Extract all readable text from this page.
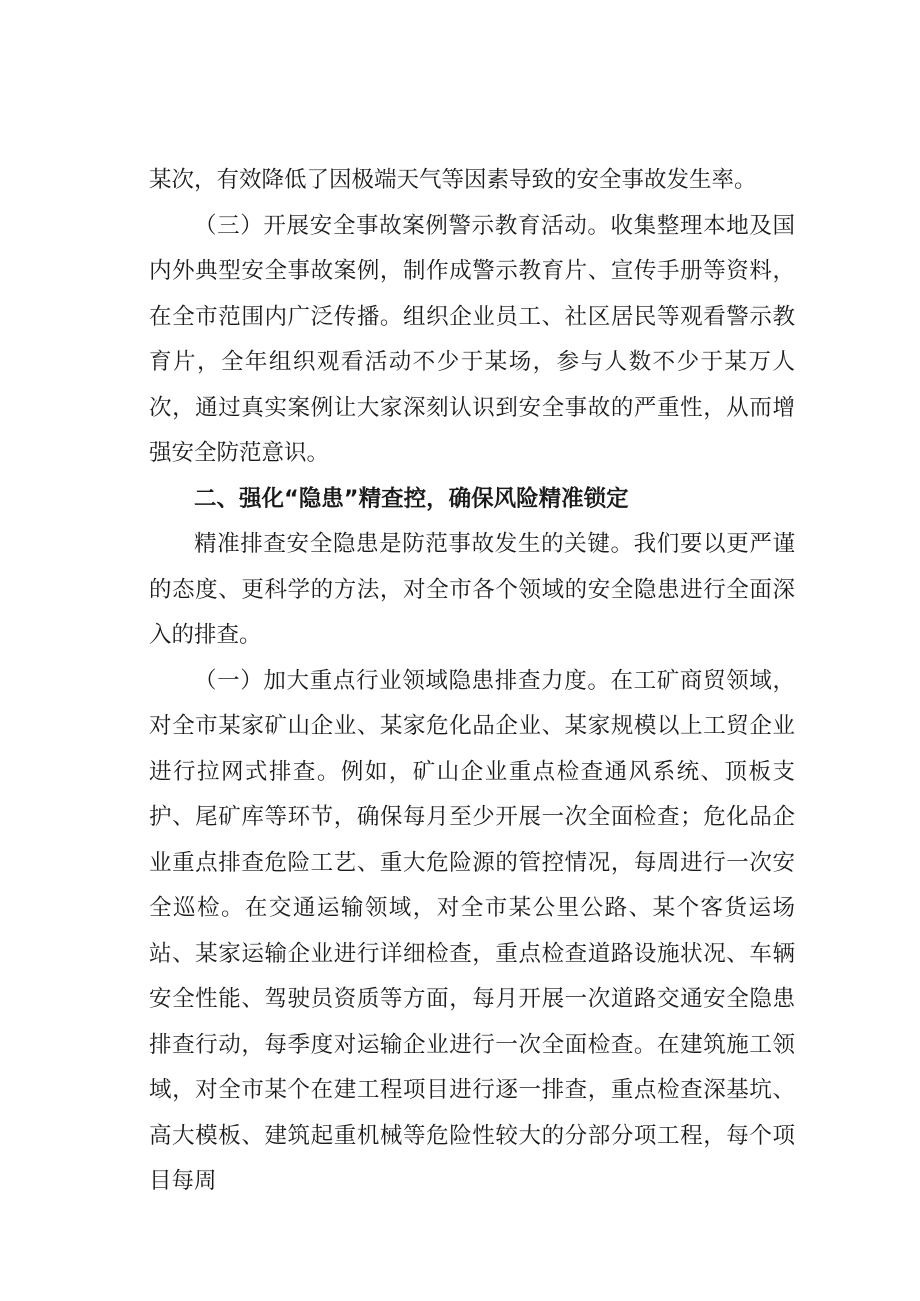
某次，有效降低了因极端天气等因素导致的安全事故发生率。

（三）开展安全事故案例警示教育活动。收集整理本地及国内外典型安全事故案例，制作成警示教育片、宣传手册等资料，在全市范围内广泛传播。组织企业员工、社区居民等观看警示教育片，全年组织观看活动不少于某场，参与人数不少于某万人次，通过真实案例让大家深刻认识到安全事故的严重性，从而增强安全防范意识。

二、强化“隐患”精查控，确保风险精准锁定

精准排查安全隐患是防范事故发生的关键。我们要以更严谨的态度、更科学的方法，对全市各个领域的安全隐患进行全面深入的排查。

（一）加大重点行业领域隐患排查力度。在工矿商贸领域，对全市某家矿山企业、某家危化品企业、某家规模以上工贸企业进行拉网式排查。例如，矿山企业重点检查通风系统、顶板支护、尾矿库等环节，确保每月至少开展一次全面检查；危化品企业重点排查危险工艺、重大危险源的管控情况，每周进行一次安全巡检。在交通运输领域，对全市某公里公路、某个客货运场站、某家运输企业进行详细检查，重点检查道路设施状况、车辆安全性能、驾驶员资质等方面，每月开展一次道路交通安全隐患排查行动，每季度对运输企业进行一次全面检查。在建筑施工领域，对全市某个在建工程项目进行逐一排查，重点检查深基坑、高大模板、建筑起重机械等危险性较大的分部分项工程，每个项目每周
